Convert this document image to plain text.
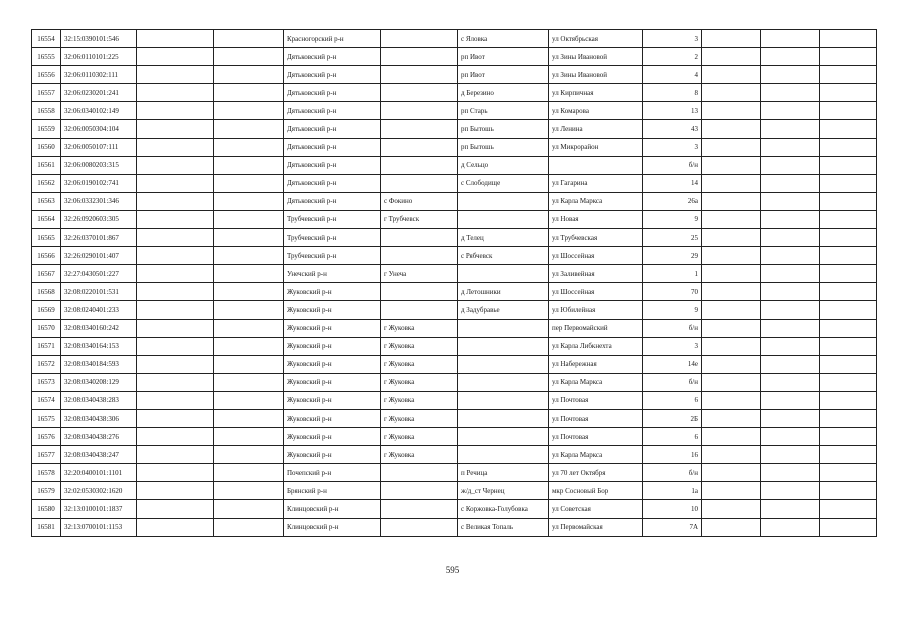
16554	32:15:0390101:546			Красногорский р-н		с Яловка	ул Октябрьская	3			
16555	32:06:0110101:225			Дятьковский р-н		рп Ивот	ул Зины Ивановой	2			
16556	32:06:0110302:111			Дятьковский р-н		рп Ивот	ул Зины Ивановой	4			
16557	32:06:0230201:241			Дятьковский р-н		д Березино	ул Кирпичная	8			
16558	32:06:0340102:149			Дятьковский р-н		рп Старь	ул Комарова	13			
16559	32:06:0050304:104			Дятьковский р-н		рп Бытошь	ул Ленина	43			
16560	32:06:0050107:111			Дятьковский р-н		рп Бытошь	ул Микрорайон	3			
16561	32:06:0080203:315			Дятьковский р-н		д Сельцо		б/н			
16562	32:06:0190102:741			Дятьковский р-н		с Слободище	ул Гагарина	14			
16563	32:06:0332301:346			Дятьковский р-н	с Фокино		ул Карла Маркса	26а			
16564	32:26:0920603:305			Трубчевский р-н	г Трубчевск		ул Новая	9			
16565	32:26:0370101:867			Трубчевский р-н		д Телец	ул Трубчевская	25			
16566	32:26:0290101:407			Трубчевский р-н		с Рябчевск	ул Шоссейная	29			
16567	32:27:0430501:227			Унечский р-н	г Унеча		ул Заливейная	1			
16568	32:08:0220101:531			Жуковский р-н		д Летошники	ул Шоссейная	70			
16569	32:08:0240401:233			Жуковский р-н		д Задубравье	ул Юбилейная	9			
16570	32:08:0340160:242			Жуковский р-н	г Жуковка		пер Первомайский	б/н			
16571	32:08:0340164:153			Жуковский р-н	г Жуковка		ул Карла Либкнехта	3			
16572	32:08:0340184:593			Жуковский р-н	г Жуковка		ул Набережная	14е			
16573	32:08:0340208:129			Жуковский р-н	г Жуковка		ул Карла Маркса	б/н			
16574	32:08:0340438:283			Жуковский р-н	г Жуковка		ул Почтовая	6			
16575	32:08:0340438:306			Жуковский р-н	г Жуковка		ул Почтовая	2Б			
16576	32:08:0340438:276			Жуковский р-н	г Жуковка		ул Почтовая	6			
16577	32:08:0340438:247			Жуковский р-н	г Жуковка		ул Карла Маркса	16			
16578	32:20:0400101:1101			Почепский р-н		п Речица	ул 70 лет Октября	б/н			
16579	32:02:0530302:1620			Брянский р-н		ж/д_ст Чернец	мкр Сосновый Бор	1а			
16580	32:13:0100101:1837			Клинцовский р-н		с Коржовка-Голубовка	ул Советская	10			
16581	32:13:0700101:1153			Клинцовский р-н		с Великая Топаль	ул Первомайская	7А			
595
